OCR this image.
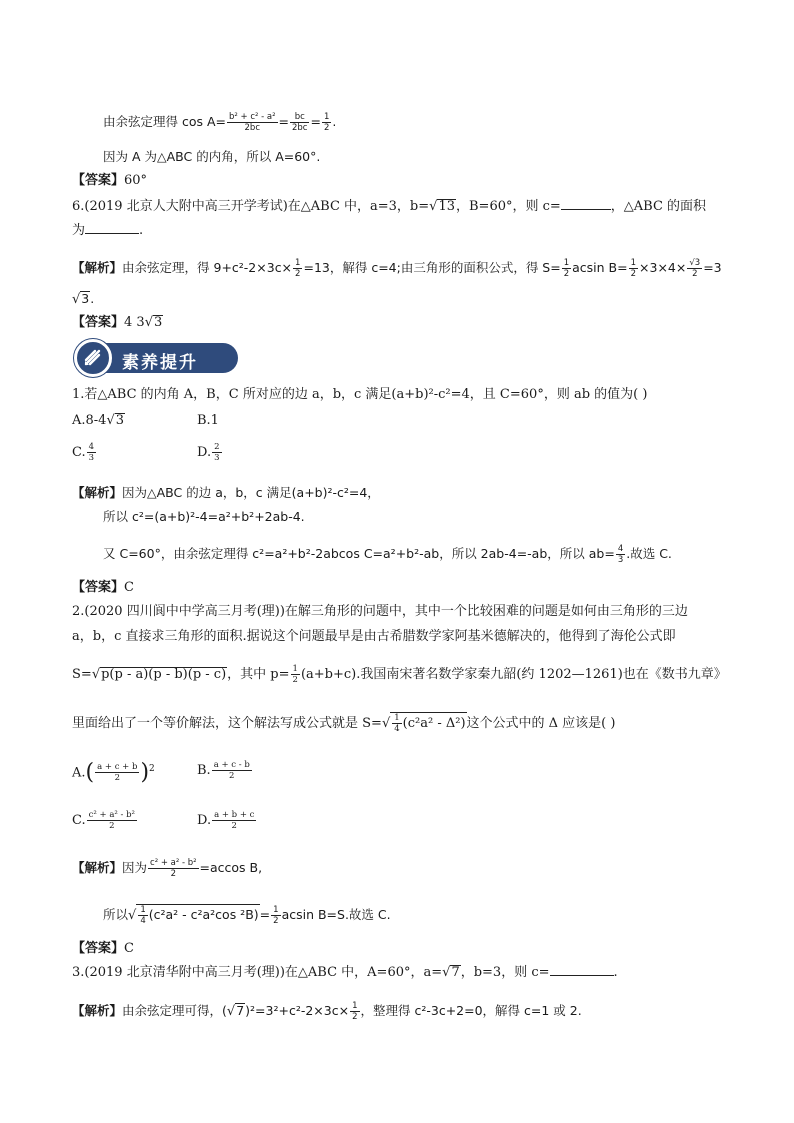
由余弦定理得 $\cos A= \frac{\text{b² + c² - a²}}{2bc} = \frac{bc}{2bc} = \frac{1}{2}$ .
因为 A 为△ABC 的内角，所以 A=60°.
【答案】60°
6.(2019 北京人大附中高三开学考试)在△ABC 中，a=3，b=√13，B=60°，则 c=	，△ABC 的面积
为	.
【解析】由余弦定理，得 $9+c^2-2\times 3c\times \frac{1}{2} =13$，解得 c=4;由三角形的面积公式，得 $S= \frac{1}{2}$ acsin $B= \frac{1}{2} \times 3\times 4\times \frac{√3}{2} =3$
√3.
【答案】4 3√3
素养提升
1.若△ABC 的内角 A，B，C 所对应的边 a，b，c 满足(a+b)²-c²=4，且 C=60°，则 ab 的值为( )
A.8-4√3	B.1
C. $\frac{4}{3}$	D. $\frac{2}{3}$
【解析】因为△ABC 的边 a，b，c 满足(a+b)²-c²=4，
所以 c²=(a+b)²-4=a²+b²+2ab-4.
又 C=60°，由余弦定理得 c²=a²+b²-2abcos C=a²+b²-ab，所以 2ab-4=-ab，所以 $ab= \frac{4}{3}$ .故选 C.
【答案】C
2.(2020 四川阆中中学高三月考(理))在解三角形的问题中，其中一个比较困难的问题是如何由三角形的三边
a，b，c 直接求三角形的面积.据说这个问题最早是由古希腊数学家阿基米德解决的，他得到了海伦公式即
S=√p(p - a)(p - b)(p - c)，其中 $p= \frac{1}{2} (a+b+c)$.我国南宋著名数学家秦九韶(约 1202—1261)也在《数书九章》
里面给出了一个等价解法，这个解法写成公式就是 $S=√ \frac{1}{4} (c^2a^2 - \Delta^2)$这个公式中的 Δ 应该是( )
$A.( \frac{a + c + b}{2} )^2$	B. $\frac{a + c - b}{2}$
C. $\frac{\text{c² + a² - b²}}{2}$	D. $\frac{a + b + c}{2}$
【解析】因为 $\frac{\text{c² + a² - b²}}{2} =accos$ B,
所以√ $\frac{1}{4} (c^2a^2 - c^2a^2\cos$ $^2B)= \frac{1}{2}$ acsin B=S.故选 C.
【答案】C
3.(2019 北京清华附中高三月考(理))在△ABC 中，A=60°，a=√7，b=3，则 c=	.
【解析】由余弦定理可得，$(√7)^2=3^2+c^2-2\times 3c\times \frac{1}{2}$ ，整理得 c²-3c+2=0，解得 c=1 或 2.
